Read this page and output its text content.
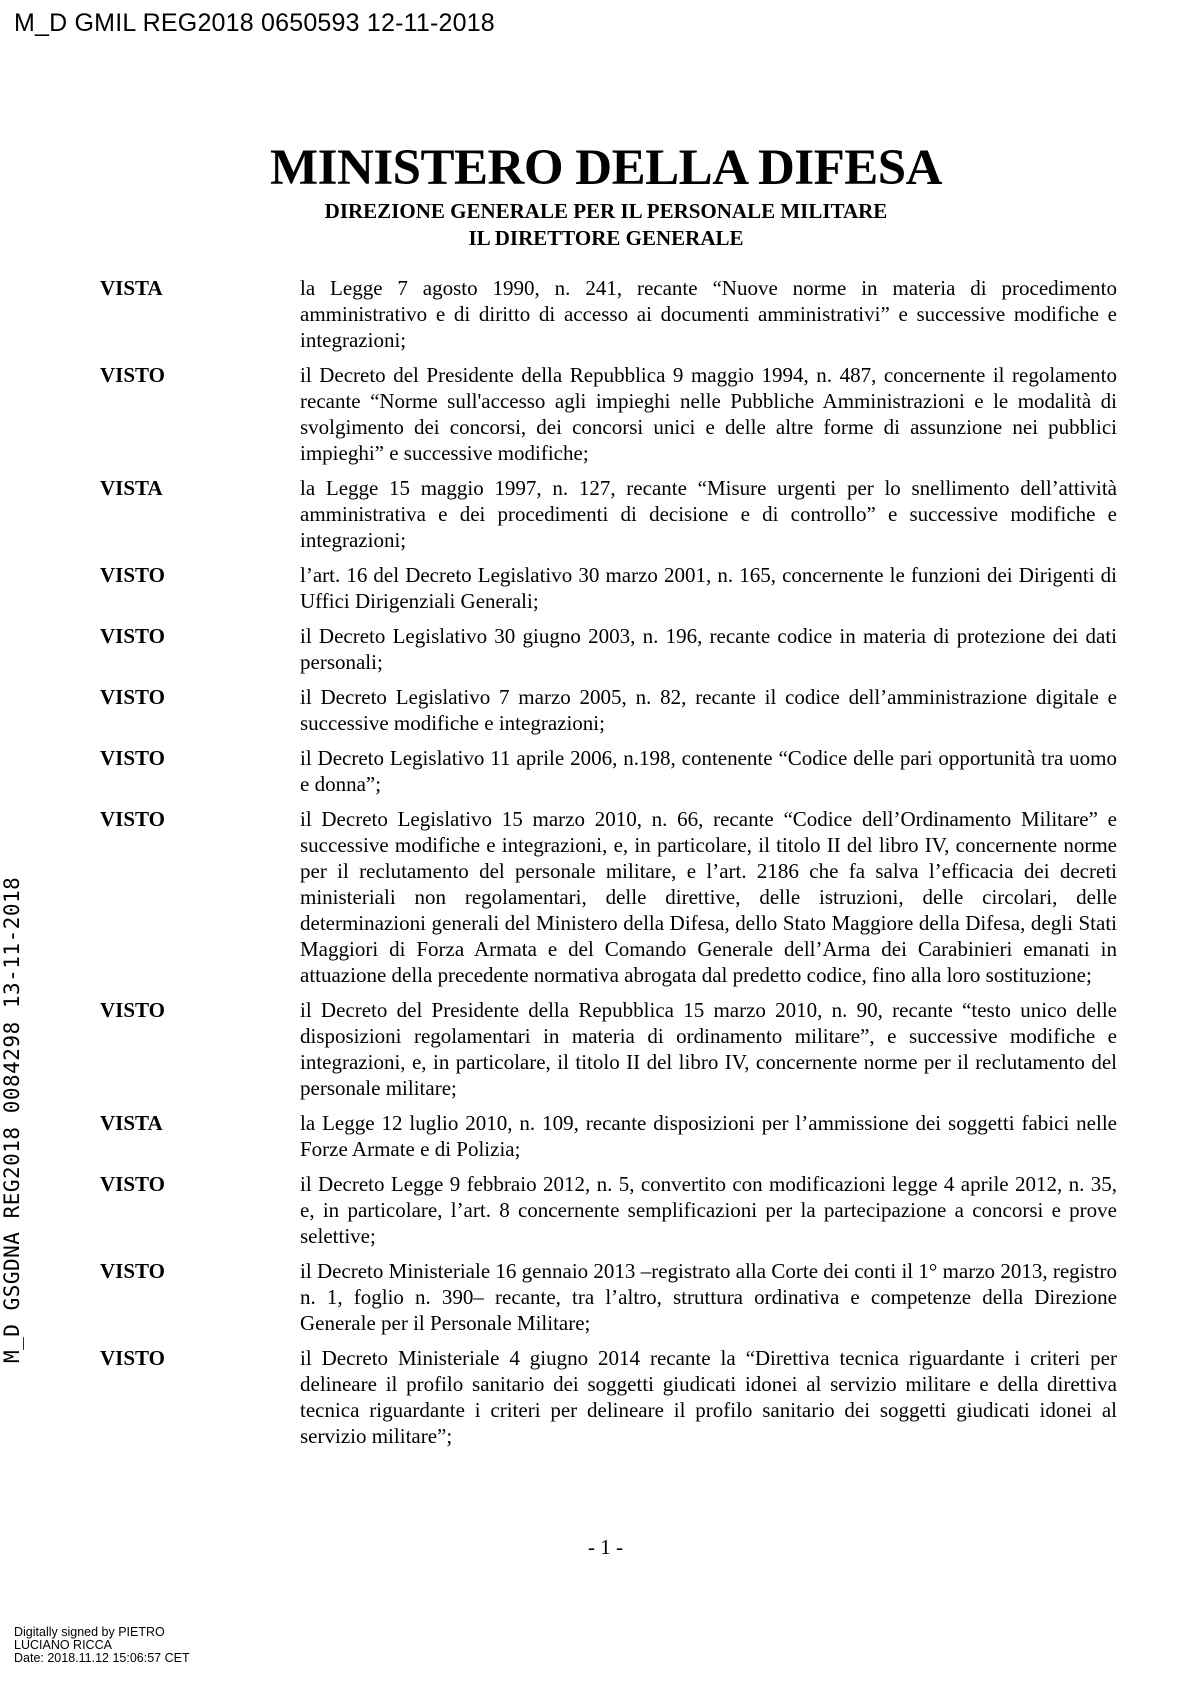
M_D GMIL REG2018 0650593 12-11-2018
M_D GSGDNA REG2018 0084298 13-11-2018
MINISTERO DELLA DIFESA
DIREZIONE GENERALE PER IL PERSONALE MILITARE
IL DIRETTORE GENERALE
VISTA	la Legge 7 agosto 1990, n. 241, recante “Nuove norme in materia di procedimento amministrativo e di diritto di accesso ai documenti amministrativi” e successive modifiche e integrazioni;
VISTO	il Decreto del Presidente della Repubblica 9 maggio 1994, n. 487, concernente il regolamento recante “Norme sull'accesso agli impieghi nelle Pubbliche Amministrazioni e le modalità di svolgimento dei concorsi, dei concorsi unici e delle altre forme di assunzione nei pubblici impieghi” e successive modifiche;
VISTA	la Legge 15 maggio 1997, n. 127, recante “Misure urgenti per lo snellimento dell’attività amministrativa e dei procedimenti di decisione e di controllo” e successive modifiche e integrazioni;
VISTO	l’art. 16 del Decreto Legislativo 30 marzo 2001, n. 165, concernente le funzioni dei Dirigenti di Uffici Dirigenziali Generali;
VISTO	il Decreto Legislativo 30 giugno 2003, n. 196, recante codice in materia di protezione dei dati personali;
VISTO	il Decreto Legislativo 7 marzo 2005, n. 82, recante il codice dell’amministrazione digitale e successive modifiche e integrazioni;
VISTO	il Decreto Legislativo 11 aprile 2006, n.198, contenente “Codice delle pari opportunità tra uomo e donna”;
VISTO	il Decreto Legislativo 15 marzo 2010, n. 66, recante “Codice dell’Ordinamento Militare” e successive modifiche e integrazioni, e, in particolare, il titolo II del libro IV, concernente norme per il reclutamento del personale militare, e l’art. 2186 che fa salva l’efficacia dei decreti ministeriali non regolamentari, delle direttive, delle istruzioni, delle circolari, delle determinazioni generali del Ministero della Difesa, dello Stato Maggiore della Difesa, degli Stati Maggiori di Forza Armata e del Comando Generale dell’Arma dei Carabinieri emanati in attuazione della precedente normativa abrogata dal predetto codice, fino alla loro sostituzione;
VISTO	il Decreto del Presidente della Repubblica 15 marzo 2010, n. 90, recante “testo unico delle disposizioni regolamentari in materia di ordinamento militare”, e successive modifiche e integrazioni, e, in particolare, il titolo II del libro IV, concernente norme per il reclutamento del personale militare;
VISTA	la Legge 12 luglio 2010, n. 109, recante disposizioni per l’ammissione dei soggetti fabici nelle Forze Armate e di Polizia;
VISTO	il Decreto Legge 9 febbraio 2012, n. 5, convertito con modificazioni legge 4 aprile 2012, n. 35, e, in particolare, l’art. 8 concernente semplificazioni per la partecipazione a concorsi e prove selettive;
VISTO	il Decreto Ministeriale 16 gennaio 2013 –registrato alla Corte dei conti il 1° marzo 2013, registro n. 1, foglio n. 390– recante, tra l’altro, struttura ordinativa e competenze della Direzione Generale per il Personale Militare;
VISTO	il Decreto Ministeriale 4 giugno 2014 recante la “Direttiva tecnica riguardante i criteri per delineare il profilo sanitario dei soggetti giudicati idonei al servizio militare e della direttiva tecnica riguardante i criteri per delineare il profilo sanitario dei soggetti giudicati idonei al servizio militare”;
- 1 -
Digitally signed by PIETRO
LUCIANO RICCA
Date: 2018.11.12 15:06:57 CET
